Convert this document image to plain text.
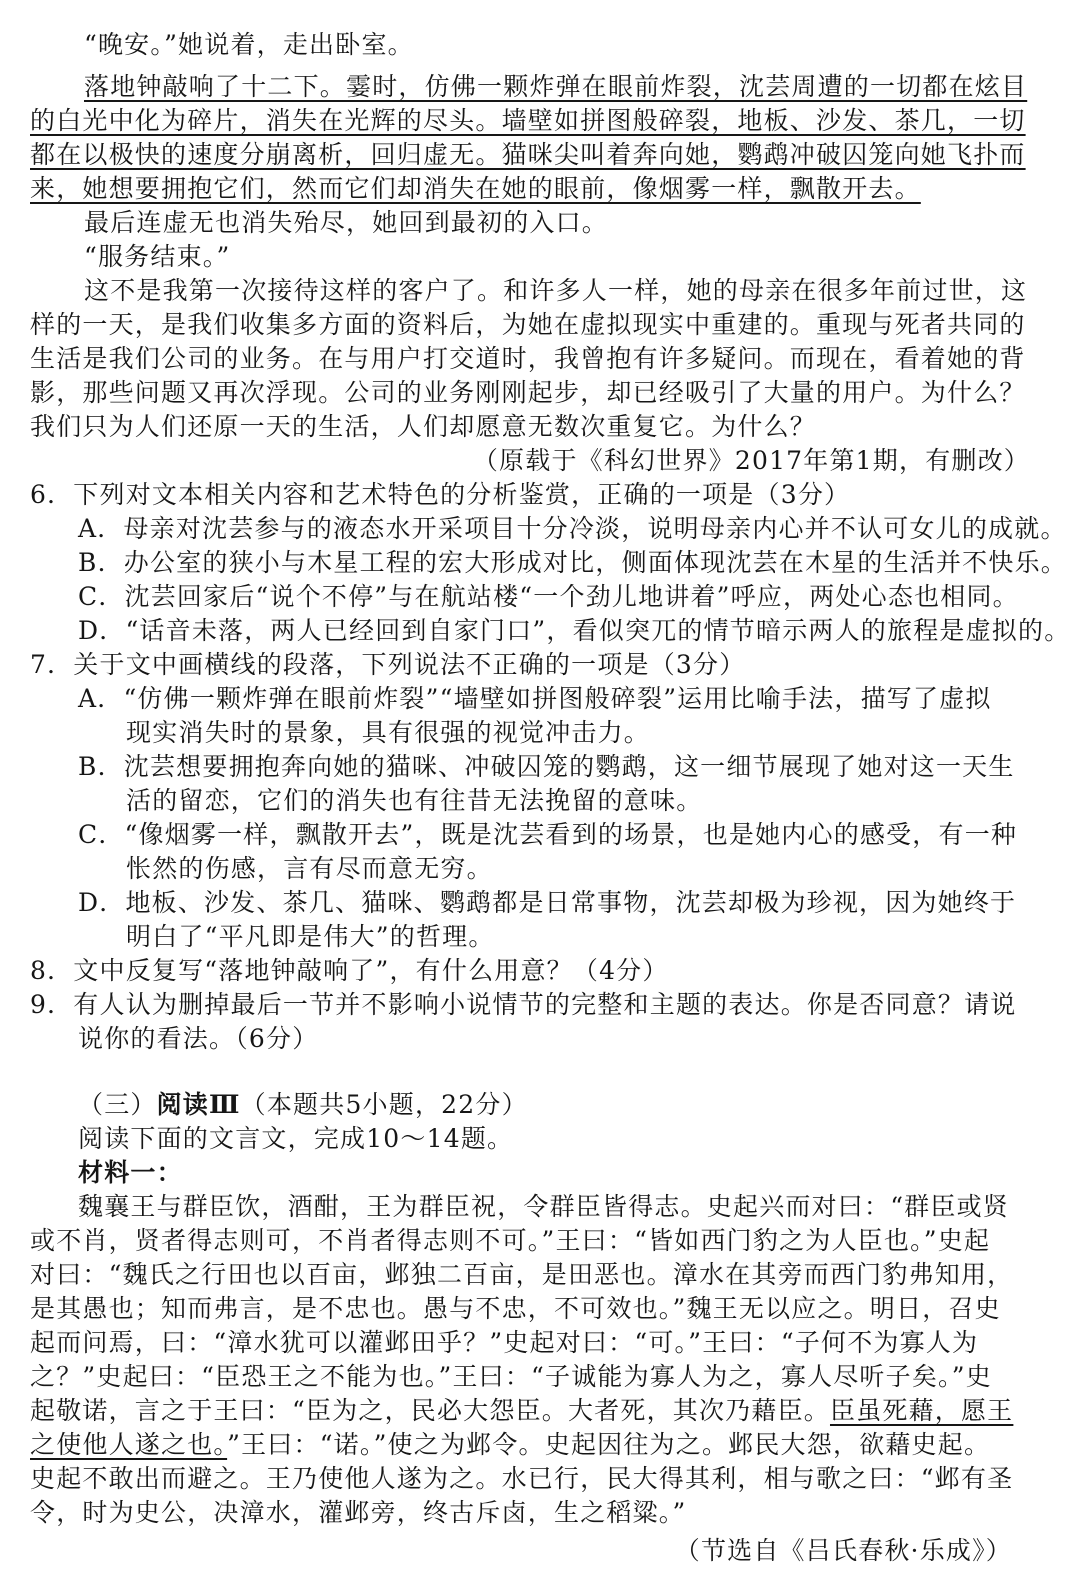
“晚安。”她说着，走出卧室。
落地钟敲响了十二下。霎时，仿佛一颗炸弹在眼前炸裂，沈芸周遭的一切都在炫目
的白光中化为碎片，消失在光辉的尽头。墙壁如拼图般碎裂，地板、沙发、茶几，一切
都在以极快的速度分崩离析，回归虚无。猫咪尖叫着奔向她，鹦鹉冲破囚笼向她飞扑而
来，她想要拥抱它们，然而它们却消失在她的眼前，像烟雾一样，飘散开去。
最后连虚无也消失殆尽，她回到最初的入口。
“服务结束。”
这不是我第一次接待这样的客户了。和许多人一样，她的母亲在很多年前过世，这
样的一天，是我们收集多方面的资料后，为她在虚拟现实中重建的。重现与死者共同的
生活是我们公司的业务。在与用户打交道时，我曾抱有许多疑问。而现在，看着她的背
影，那些问题又再次浮现。公司的业务刚刚起步，却已经吸引了大量的用户。为什么？
我们只为人们还原一天的生活，人们却愿意无数次重复它。为什么？
（原载于《科幻世界》2017年第1期，有删改）
6．下列对文本相关内容和艺术特色的分析鉴赏，正确的一项是（3分）
A．母亲对沈芸参与的液态水开采项目十分冷淡，说明母亲内心并不认可女儿的成就。
B．办公室的狭小与木星工程的宏大形成对比，侧面体现沈芸在木星的生活并不快乐。
C．沈芸回家后“说个不停”与在航站楼“一个劲儿地讲着”呼应，两处心态也相同。
D．“话音未落，两人已经回到自家门口”，看似突兀的情节暗示两人的旅程是虚拟的。
7．关于文中画横线的段落，下列说法不正确的一项是（3分）
A．“仿佛一颗炸弹在眼前炸裂”“墙壁如拼图般碎裂”运用比喻手法，描写了虚拟
现实消失时的景象，具有很强的视觉冲击力。
B．沈芸想要拥抱奔向她的猫咪、冲破囚笼的鹦鹉，这一细节展现了她对这一天生
活的留恋，它们的消失也有往昔无法挽留的意味。
C．“像烟雾一样，飘散开去”，既是沈芸看到的场景，也是她内心的感受，有一种
怅然的伤感，言有尽而意无穷。
D．地板、沙发、茶几、猫咪、鹦鹉都是日常事物，沈芸却极为珍视，因为她终于
明白了“平凡即是伟大”的哲理。
8．文中反复写“落地钟敲响了”，有什么用意？（4分）
9．有人认为删掉最后一节并不影响小说情节的完整和主题的表达。你是否同意？请说
说你的看法。（6分）
（三）阅读Ⅲ（本题共5小题，22分）
阅读下面的文言文，完成10～14题。
材料一：
魏襄王与群臣饮，酒酣，王为群臣祝，令群臣皆得志。史起兴而对曰：“群臣或贤
或不肖，贤者得志则可，不肖者得志则不可。”王曰：“皆如西门豹之为人臣也。”史起
对曰：“魏氏之行田也以百亩，邺独二百亩，是田恶也。漳水在其旁而西门豹弗知用，
是其愚也；知而弗言，是不忠也。愚与不忠，不可效也。”魏王无以应之。明日，召史
起而问焉，曰：“漳水犹可以灌邺田乎？”史起对曰：“可。”王曰：“子何不为寡人为
之？”史起曰：“臣恐王之不能为也。”王曰：“子诚能为寡人为之，寡人尽听子矣。”史
起敬诺，言之于王曰：“臣为之，民必大怨臣。大者死，其次乃藉臣。臣虽死藉，愿王
之使他人遂之也。”王曰：“诺。”使之为邺令。史起因往为之。邺民大怨，欲藉史起。
史起不敢出而避之。王乃使他人遂为之。水已行，民大得其利，相与歌之曰：“邺有圣
令，时为史公，决漳水，灌邺旁，终古斥卤，生之稻粱。”
（节选自《吕氏春秋·乐成》）
